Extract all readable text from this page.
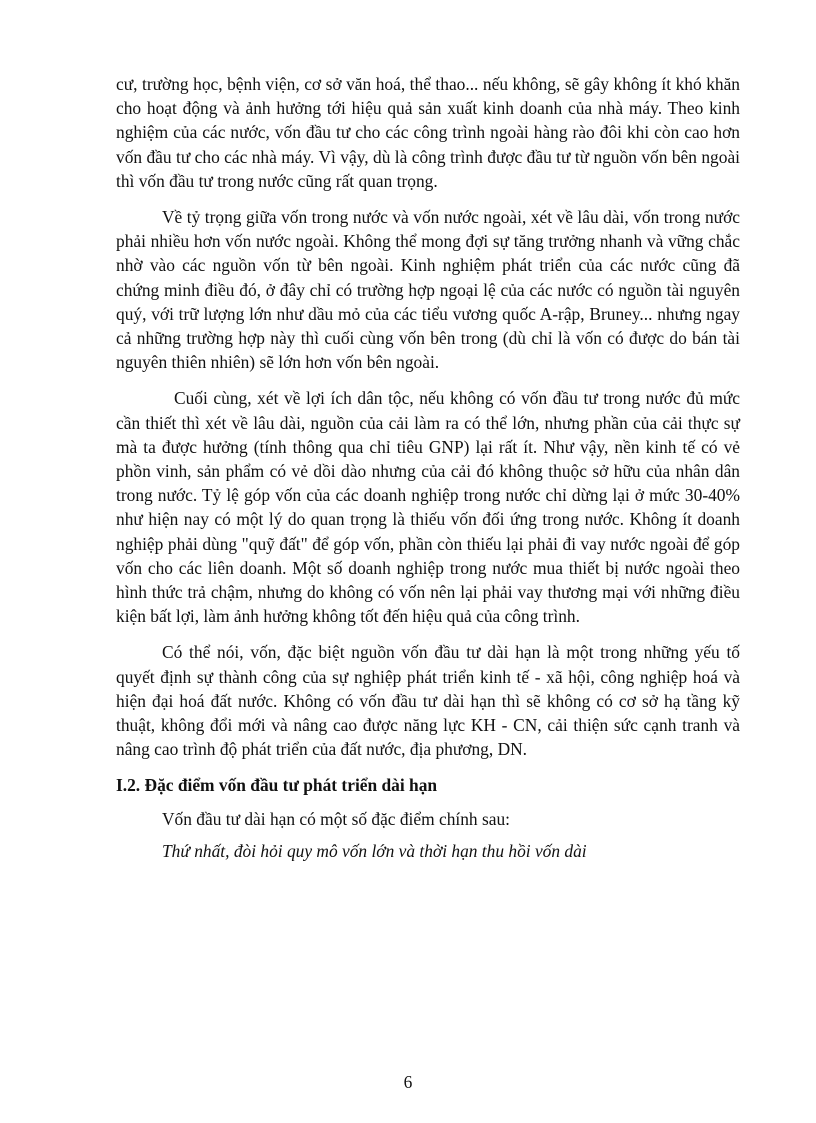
cư, trường học, bệnh viện, cơ sở văn hoá, thể thao... nếu không, sẽ gây không ít khó khăn cho hoạt động và ảnh hưởng tới hiệu quả sản xuất kinh doanh của nhà máy. Theo kinh nghiệm của các nước, vốn đầu tư cho các công trình ngoài hàng rào đôi khi còn cao hơn vốn đầu tư cho các nhà máy. Vì vậy, dù là công trình được đầu tư từ nguồn vốn bên ngoài thì vốn đầu tư trong nước cũng rất quan trọng.

Về tỷ trọng giữa vốn trong nước và vốn nước ngoài, xét về lâu dài, vốn trong nước phải nhiều hơn vốn nước ngoài. Không thể mong đợi sự tăng trưởng nhanh và vững chắc nhờ vào các nguồn vốn từ bên ngoài. Kinh nghiệm phát triển của các nước cũng đã chứng minh điều đó, ở đây chỉ có trường hợp ngoại lệ của các nước có nguồn tài nguyên quý, với trữ lượng lớn như dầu mỏ của các tiểu vương quốc A-rập, Bruney... nhưng ngay cả những trường hợp này thì cuối cùng vốn bên trong (dù chỉ là vốn có được do bán tài nguyên thiên nhiên) sẽ lớn hơn vốn bên ngoài.

Cuối cùng, xét về lợi ích dân tộc, nếu không có vốn đầu tư trong nước đủ mức cần thiết thì xét về lâu dài, nguồn của cải làm ra có thể lớn, nhưng phần của cải thực sự mà ta được hưởng (tính thông qua chỉ tiêu GNP) lại rất ít. Như vậy, nền kinh tế có vẻ phồn vinh, sản phẩm có vẻ dồi dào nhưng của cải đó không thuộc sở hữu của nhân dân trong nước. Tỷ lệ góp vốn của các doanh nghiệp trong nước chỉ dừng lại ở mức 30-40% như hiện nay có một lý do quan trọng là thiếu vốn đối ứng trong nước. Không ít doanh nghiệp phải dùng "quỹ đất" để góp vốn, phần còn thiếu lại phải đi vay nước ngoài để góp vốn cho các liên doanh. Một số doanh nghiệp trong nước mua thiết bị nước ngoài theo hình thức trả chậm, nhưng do không có vốn nên lại phải vay thương mại với những điều kiện bất lợi, làm ảnh hưởng không tốt đến hiệu quả của công trình.

Có thể nói, vốn, đặc biệt nguồn vốn đầu tư dài hạn là một trong những yếu tố quyết định sự thành công của sự nghiệp phát triển kinh tế - xã hội, công nghiệp hoá và hiện đại hoá đất nước. Không có vốn đầu tư dài hạn thì sẽ không có cơ sở hạ tầng kỹ thuật, không đổi mới và nâng cao được năng lực KH - CN, cải thiện sức cạnh tranh và nâng cao trình độ phát triển của đất nước, địa phương, DN.

I.2. Đặc điểm vốn đầu tư phát triển dài hạn
Vốn đầu tư dài hạn có một số đặc điểm chính sau:
Thứ nhất, đòi hỏi quy mô vốn lớn và thời hạn thu hồi vốn dài
6
